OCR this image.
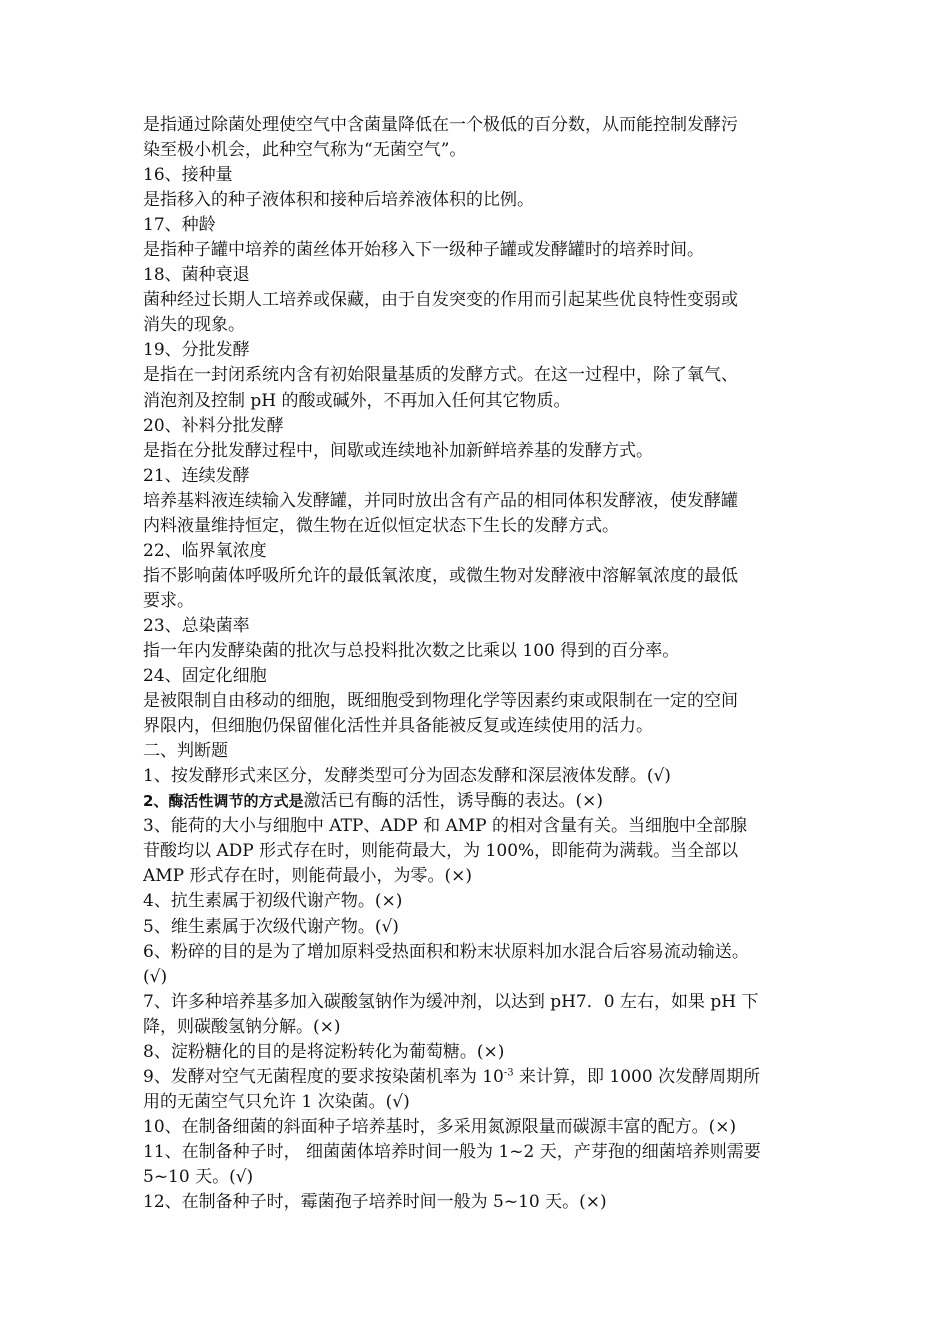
是指通过除菌处理使空气中含菌量降低在一个极低的百分数，从而能控制发酵污
染至极小机会，此种空气称为“无菌空气”。
16、接种量
是指移入的种子液体积和接种后培养液体积的比例。
17、种龄
是指种子罐中培养的菌丝体开始移入下一级种子罐或发酵罐时的培养时间。
18、菌种衰退
菌种经过长期人工培养或保藏，由于自发突变的作用而引起某些优良特性变弱或
消失的现象。
19、分批发酵
是指在一封闭系统内含有初始限量基质的发酵方式。在这一过程中，除了氧气、
消泡剂及控制 pH 的酸或碱外，不再加入任何其它物质。
20、补料分批发酵
是指在分批发酵过程中，间歇或连续地补加新鲜培养基的发酵方式。
21、连续发酵
培养基料液连续输入发酵罐，并同时放出含有产品的相同体积发酵液，使发酵罐
内料液量维持恒定，微生物在近似恒定状态下生长的发酵方式。
22、临界氧浓度
指不影响菌体呼吸所允许的最低氧浓度，或微生物对发酵液中溶解氧浓度的最低
要求。
23、总染菌率
指一年内发酵染菌的批次与总投料批次数之比乘以 100 得到的百分率。
24、固定化细胞
是被限制自由移动的细胞，既细胞受到物理化学等因素约束或限制在一定的空间
界限内，但细胞仍保留催化活性并具备能被反复或连续使用的活力。
二、判断题
1、按发酵形式来区分，发酵类型可分为固态发酵和深层液体发酵。(√)
2、酶活性调节的方式是激活已有酶的活性，诱导酶的表达。(×)
3、能荷的大小与细胞中 ATP、ADP 和 AMP 的相对含量有关。当细胞中全部腺
苷酸均以 ADP 形式存在时，则能荷最大，为 100%，即能荷为满载。当全部以
AMP 形式存在时，则能荷最小，为零。(×)
4、抗生素属于初级代谢产物。(×)
5、维生素属于次级代谢产物。(√)
6、粉碎的目的是为了增加原料受热面积和粉末状原料加水混合后容易流动输送。
(√)
7、许多种培养基多加入碳酸氢钠作为缓冲剂，以达到 pH7．0 左右，如果 pH 下
降，则碳酸氢钠分解。(×)
8、淀粉糖化的目的是将淀粉转化为葡萄糖。(×)
9、发酵对空气无菌程度的要求按染菌机率为 $10^{-3}$ 来计算，即 1000 次发酵周期所
用的无菌空气只允许 1 次染菌。(√)
10、在制备细菌的斜面种子培养基时，多采用氮源限量而碳源丰富的配方。(×)
11、在制备种子时， 细菌菌体培养时间一般为 1~2 天，产芽孢的细菌培养则需要
5~10 天。(√)
12、在制备种子时，霉菌孢子培养时间一般为 5~10 天。(×)
